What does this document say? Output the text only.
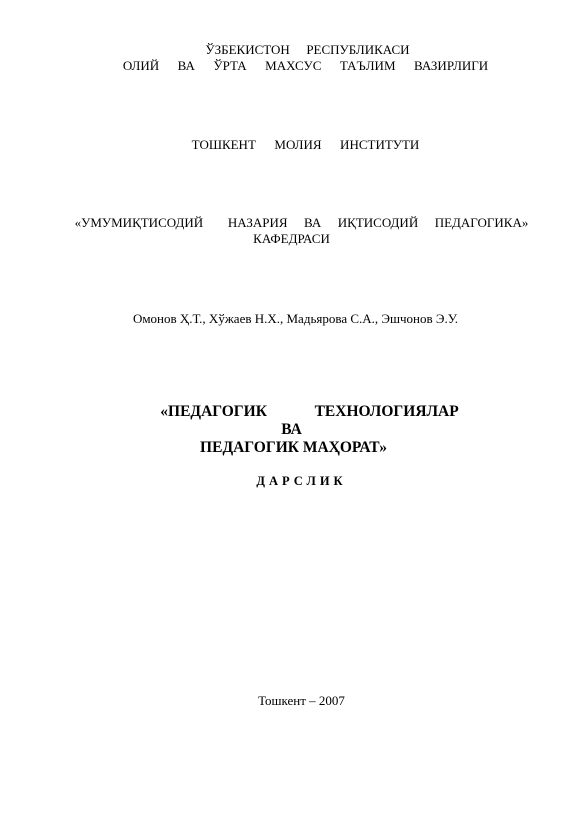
ЎЗБЕКИСТОН  РЕСПУБЛИКАСИ
ОЛИЙ  ВА  ЎРТА  МАХСУС  ТАЪЛИМ  ВАЗИРЛИГИ
ТОШКЕНТ  МОЛИЯ  ИНСТИТУТИ
«УМУМИҚТИСОДИЙ   НАЗАРИЯ  ВА  ИҚТИСОДИЙ  ПЕДАГОГИКА»
КАФЕДРАСИ
Омонов Ҳ.Т., Хўжаев Н.Х., Мадьярова С.А., Эшчонов Э.У.
«ПЕДАГОГИК   ТЕХНОЛОГИЯЛАР
ВА
ПЕДАГОГИК МАҲОРАТ»
ДАРСЛИК
Тошкент – 2007
